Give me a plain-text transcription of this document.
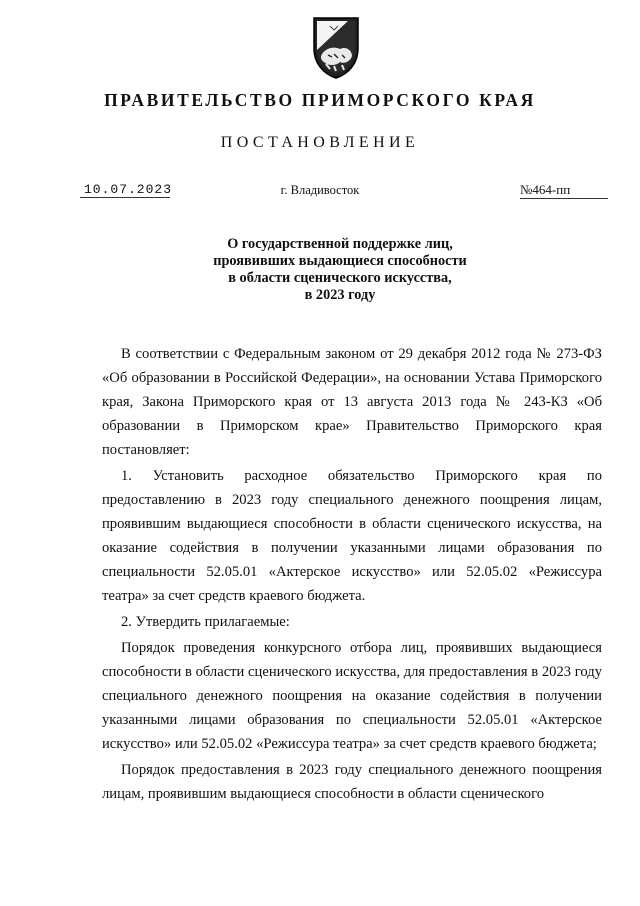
ПРАВИТЕЛЬСТВО ПРИМОРСКОГО КРАЯ
ПОСТАНОВЛЕНИЕ
10.07.2023	г. Владивосток	№464-пп
О государственной поддержке лиц,
проявивших выдающиеся способности
в области сценического искусства,
в 2023 году

В соответствии с Федеральным законом от 29 декабря 2012 года № 273-ФЗ «Об образовании в Российской Федерации», на основании Устава Приморского края, Закона Приморского края от 13 августа 2013 года № 243-КЗ «Об образовании в Приморском крае» Правительство Приморского края постановляет:

1. Установить расходное обязательство Приморского края по предоставлению в 2023 году специального денежного поощрения лицам, проявившим выдающиеся способности в области сценического искусства, на оказание содействия в получении указанными лицами образования по специальности 52.05.01 «Актерское искусство» или 52.05.02 «Режиссура театра» за счет средств краевого бюджета.

2. Утвердить прилагаемые:

Порядок проведения конкурсного отбора лиц, проявивших выдающиеся способности в области сценического искусства, для предоставления в 2023 году специального денежного поощрения на оказание содействия в получении указанными лицами образования по специальности 52.05.01 «Актерское искусство» или 52.05.02 «Режиссура театра» за счет средств краевого бюджета;

Порядок предоставления в 2023 году специального денежного поощрения лицам, проявившим выдающиеся способности в области сценического
